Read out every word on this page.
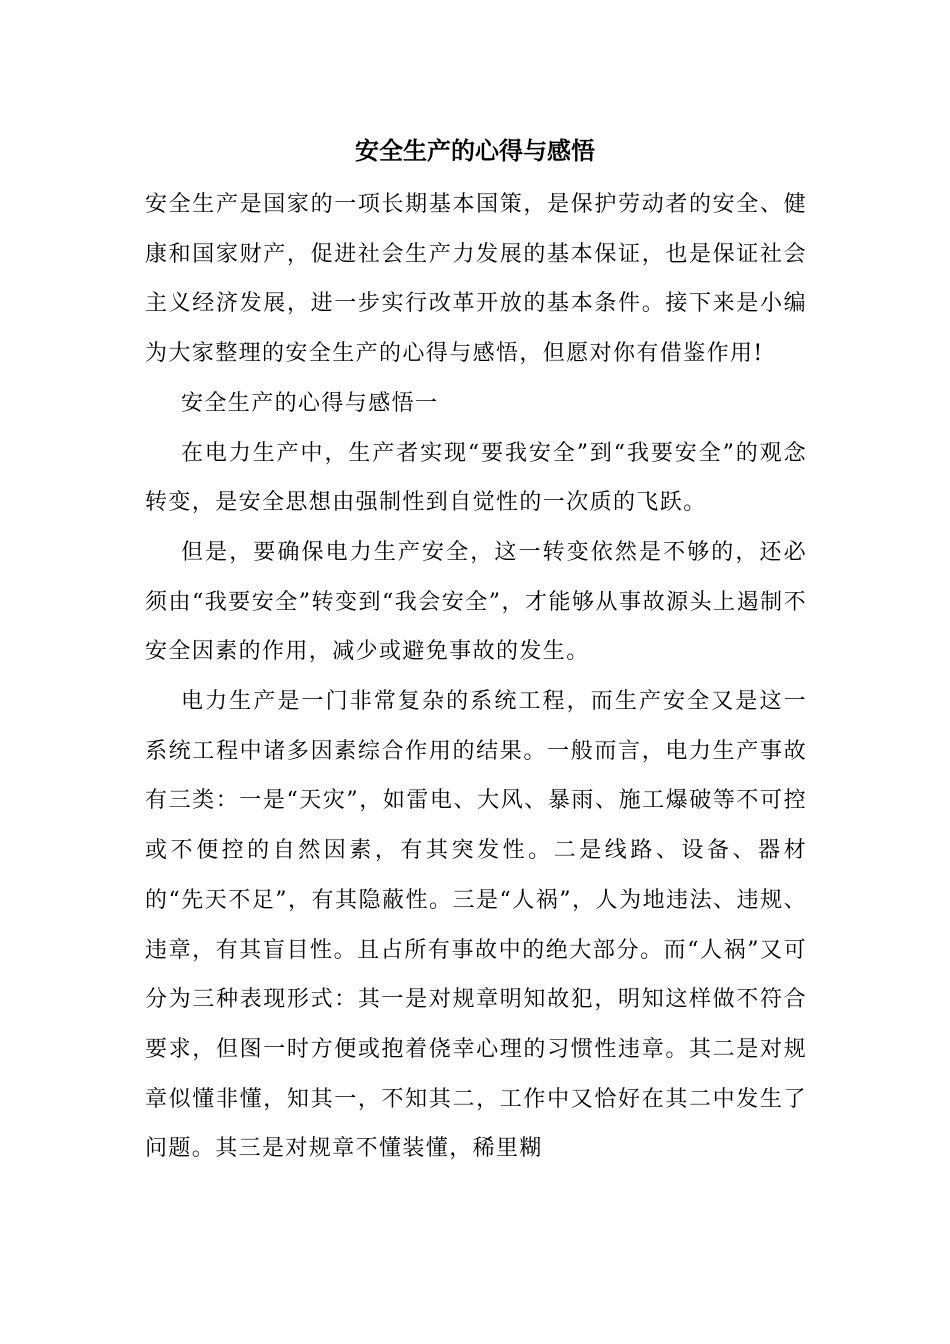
安全生产的心得与感悟

安全生产是国家的一项长期基本国策，是保护劳动者的安全、健康和国家财产，促进社会生产力发展的基本保证，也是保证社会主义经济发展，进一步实行改革开放的基本条件。接下来是小编为大家整理的安全生产的心得与感悟，但愿对你有借鉴作用!

安全生产的心得与感悟一

在电力生产中，生产者实现“要我安全”到“我要安全”的观念转变，是安全思想由强制性到自觉性的一次质的飞跃。

但是，要确保电力生产安全，这一转变依然是不够的，还必须由“我要安全”转变到“我会安全”，才能够从事故源头上遏制不安全因素的作用，减少或避免事故的发生。

电力生产是一门非常复杂的系统工程，而生产安全又是这一系统工程中诸多因素综合作用的结果。一般而言，电力生产事故有三类：一是“天灾”，如雷电、大风、暴雨、施工爆破等不可控或不便控的自然因素，有其突发性。二是线路、设备、器材的“先天不足”，有其隐蔽性。三是“人祸”，人为地违法、违规、违章，有其盲目性。且占所有事故中的绝大部分。而“人祸”又可分为三种表现形式：其一是对规章明知故犯，明知这样做不符合要求，但图一时方便或抱着侥幸心理的习惯性违章。其二是对规章似懂非懂，知其一，不知其二，工作中又恰好在其二中发生了问题。其三是对规章不懂装懂，稀里糊
